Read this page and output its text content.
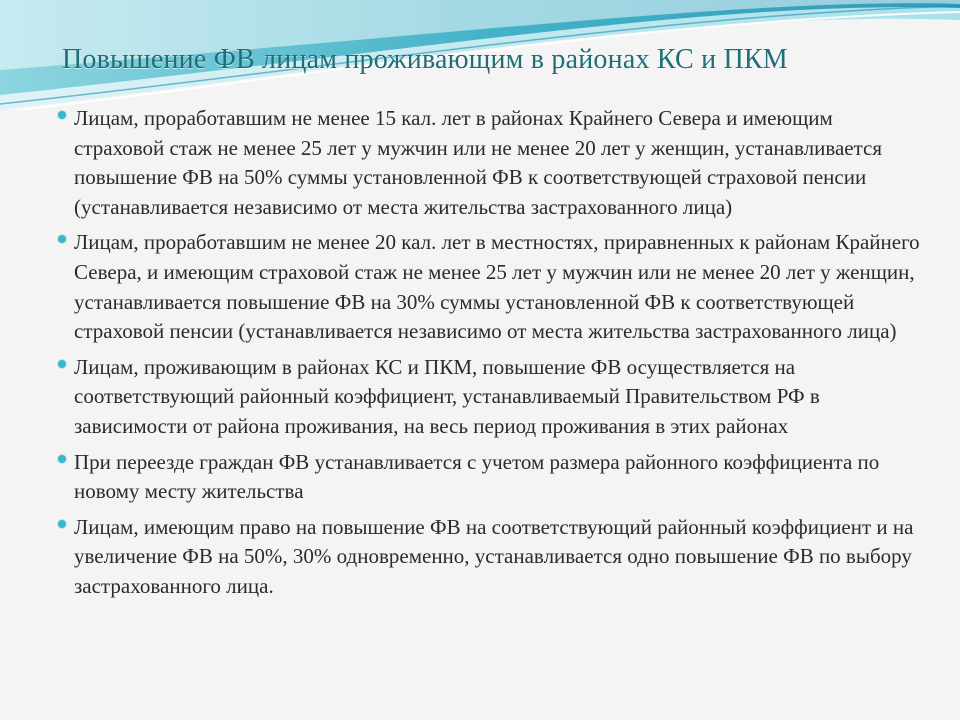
Повышение ФВ лицам проживающим в районах КС и ПКМ
Лицам, проработавшим не менее 15 кал. лет в районах Крайнего Севера и имеющим страховой стаж не менее 25 лет у мужчин или не менее 20 лет у женщин, устанавливается повышение ФВ на 50% суммы установленной ФВ к соответствующей страховой пенсии (устанавливается независимо от места жительства застрахованного лица)
Лицам, проработавшим не менее 20 кал. лет в местностях, приравненных к районам Крайнего Севера, и имеющим страховой стаж не менее 25 лет у мужчин или не менее 20 лет у женщин, устанавливается повышение ФВ на 30% суммы установленной ФВ к соответствующей страховой пенсии (устанавливается независимо от места жительства застрахованного лица)
Лицам, проживающим в районах КС и ПКМ, повышение ФВ осуществляется на соответствующий районный коэффициент, устанавливаемый Правительством РФ в зависимости от района проживания, на весь период проживания в этих районах
При переезде граждан ФВ устанавливается с учетом размера районного коэффициента по новому месту жительства
Лицам, имеющим право на повышение ФВ на соответствующий районный коэффициент и на увеличение ФВ на 50%, 30% одновременно, устанавливается одно повышение ФВ по выбору застрахованного лица.
